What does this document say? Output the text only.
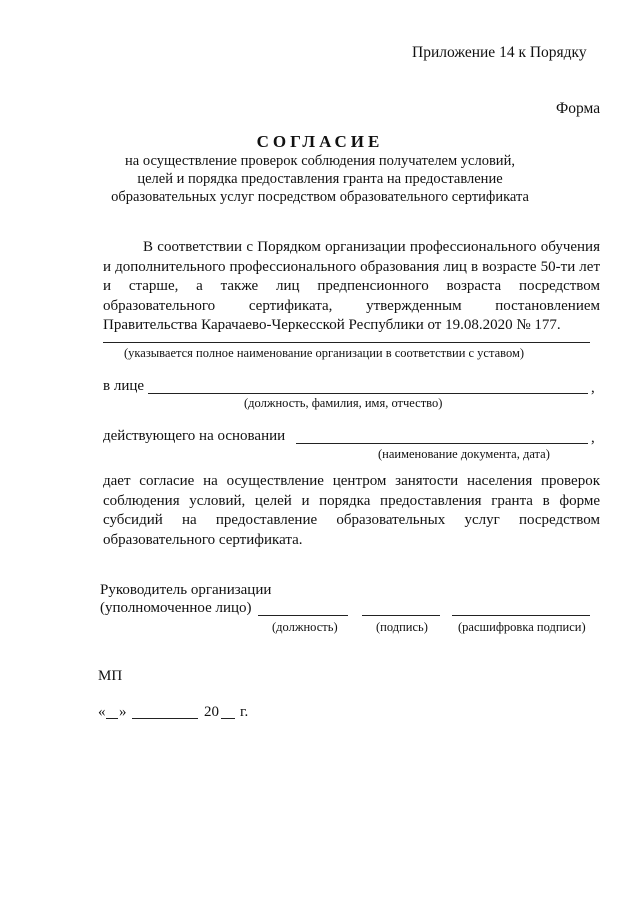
Приложение 14 к Порядку
Форма
СОГЛАСИЕ
на осуществление проверок соблюдения получателем условий, целей и порядка предоставления гранта на предоставление образовательных услуг посредством образовательного сертификата
В соответствии с Порядком организации профессионального обучения и дополнительного профессионального образования лиц в возрасте 50-ти лет и старше, а также лиц предпенсионного возраста посредством образовательного сертификата, утвержденным постановлением Правительства Карачаево-Черкесской Республики от 19.08.2020 № 177.
(указывается полное наименование организации в соответствии с уставом)
в лице	,
(должность, фамилия, имя, отчество)
действующего на основании	,
(наименование документа, дата)
дает согласие на осуществление центром занятости населения проверок соблюдения условий, целей и порядка предоставления гранта в форме субсидий на предоставление образовательных услуг посредством образовательного сертификата.
Руководитель организации
(уполномоченное лицо)
(должность)	(подпись) (расшифровка подписи)
МП
« »	20 г.
